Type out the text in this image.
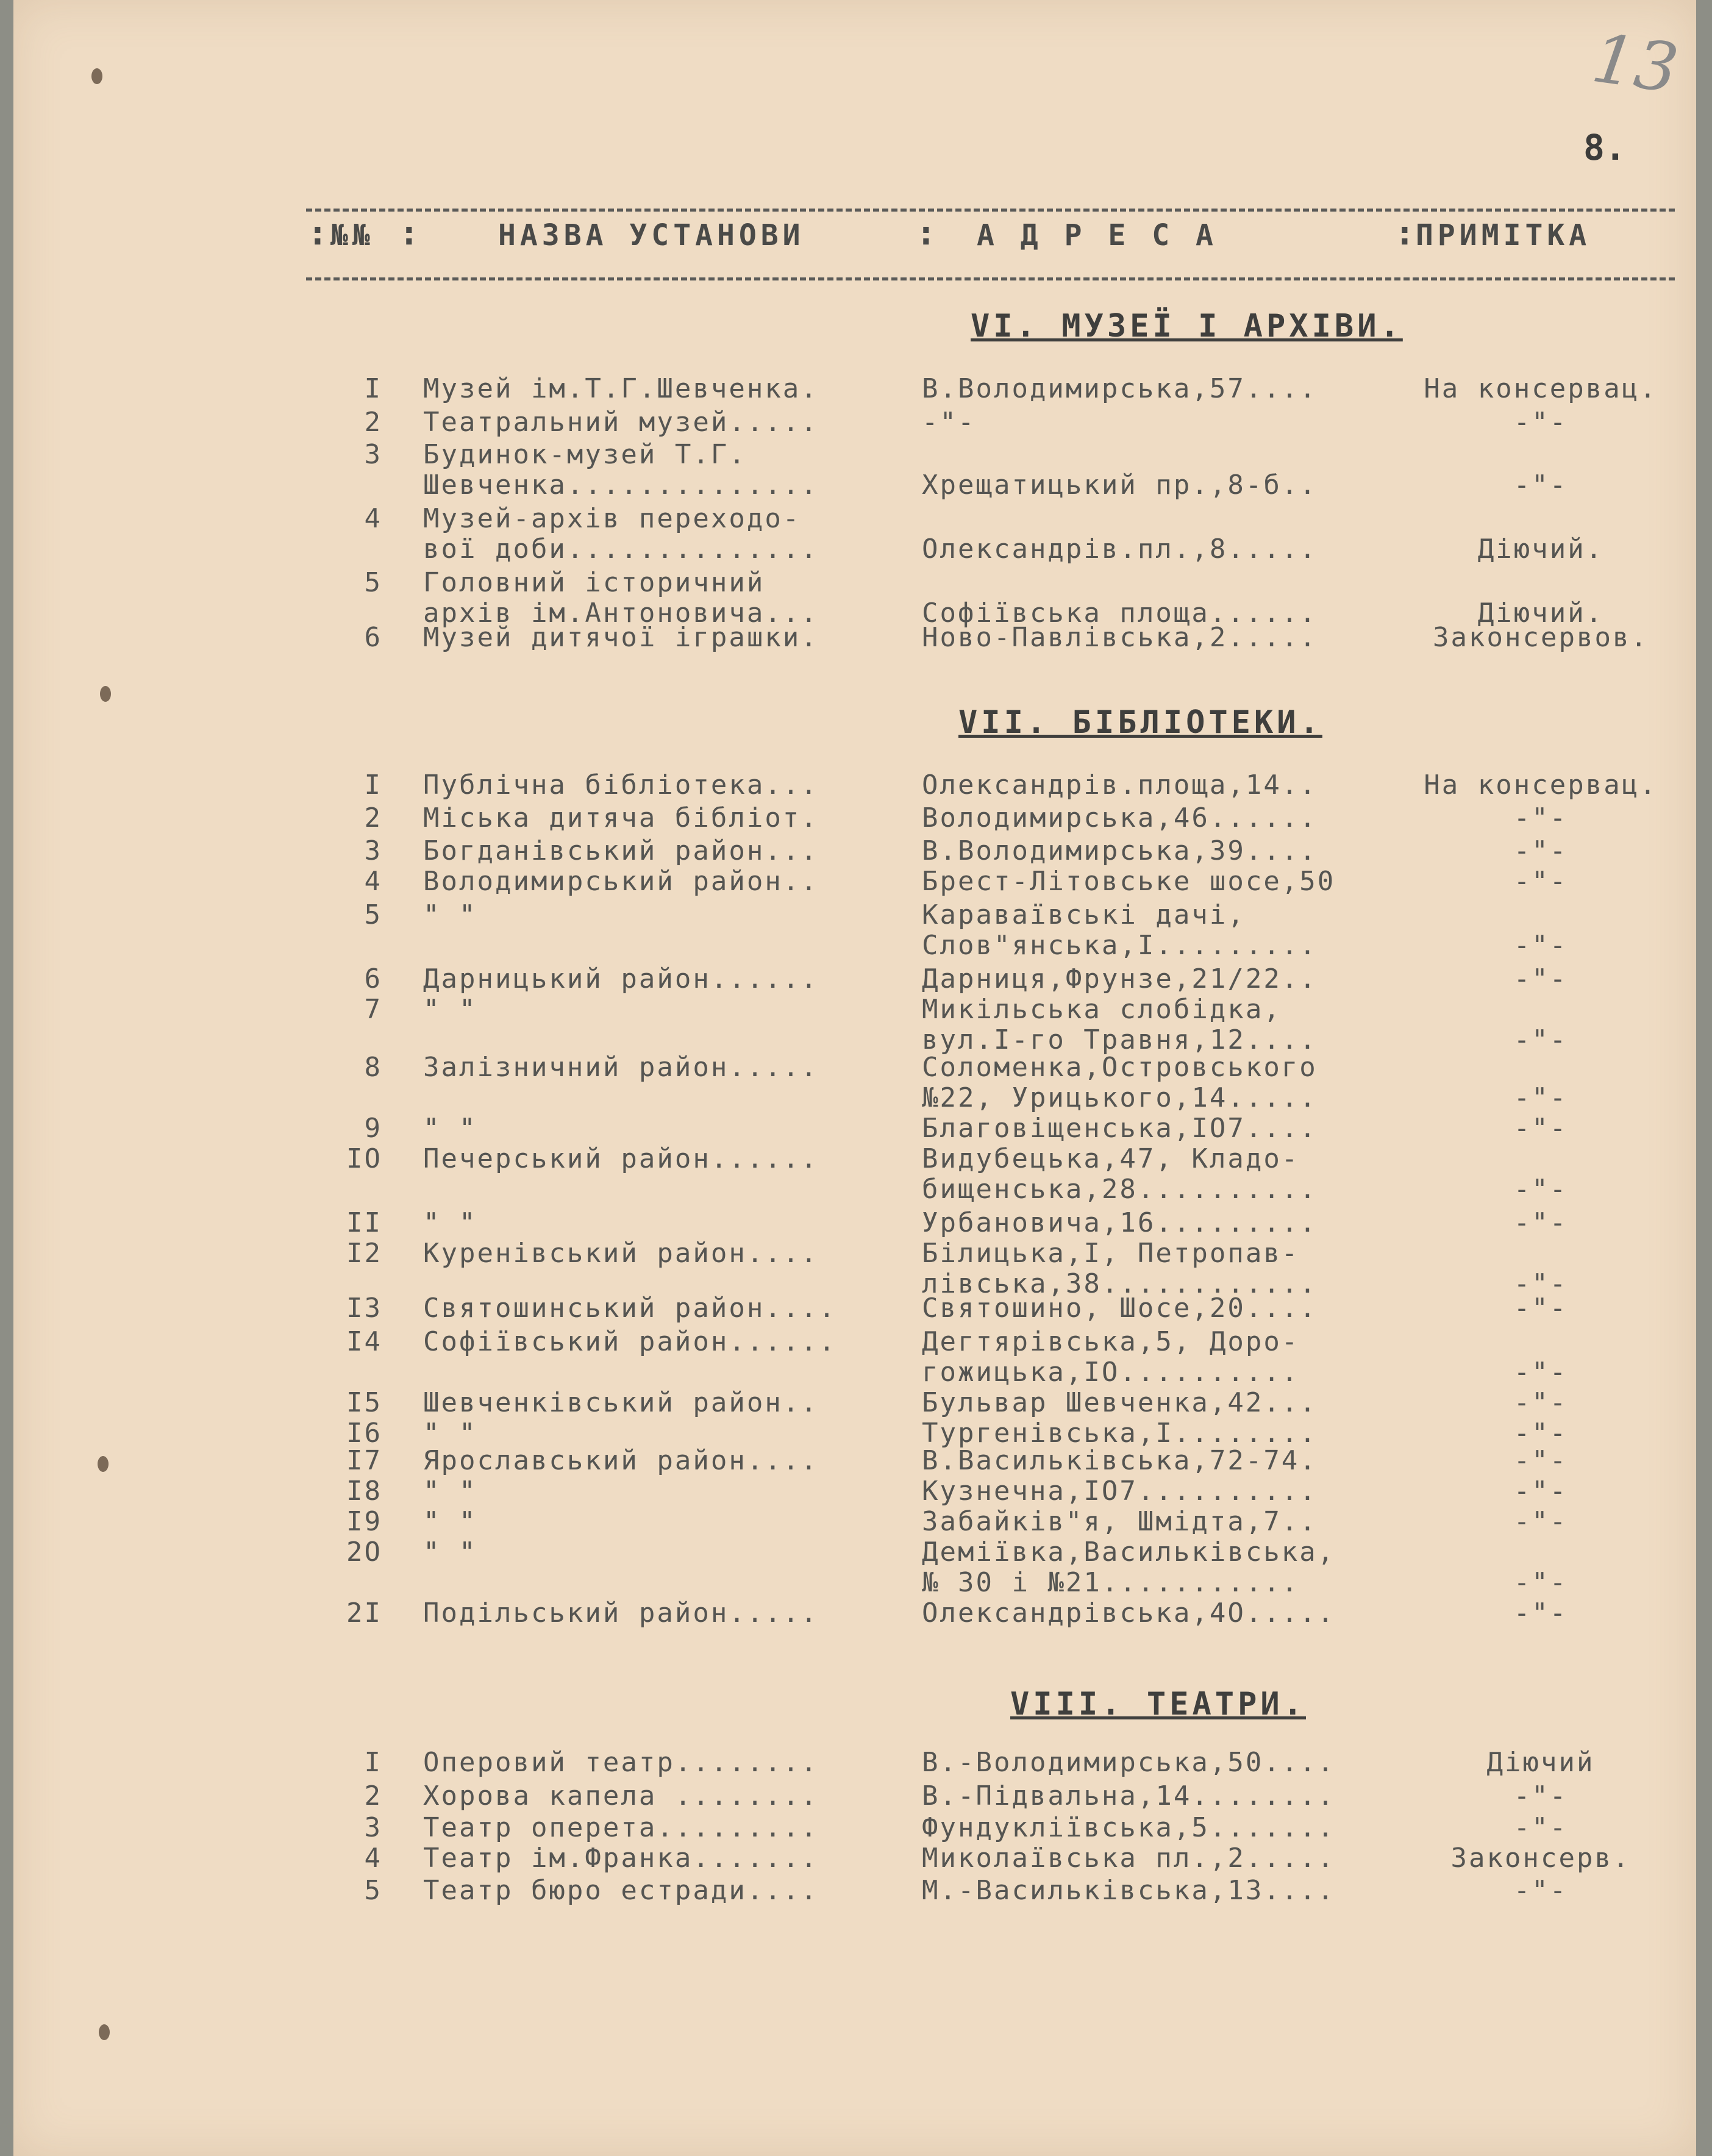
13
8.
: №№ :	НАЗВА УСТАНОВИ	: А Д Р Е С А	: ПРИМІТКА
VI. МУЗЕЇ І АРХІВИ.
I Музей ім.Т.Г.Шевченка.	В.Володимирська,57....	На консервац.
2 Театральний музей.....	-"-	-"-
3 Будинок-музей Т.Г.
Шевченка..............	Хрещатицький пр.,8-б..	-"-
4 Музей-архів переходо-
вої доби..............	Олександрів.пл.,8.....	Діючий.
5 Головний історичний
архів ім.Антоновича...	Софіївська площа......	Діючий.
6 Музей дитячої іграшки.	Ново-Павлівська,2.....	Законсервов.
VII. БІБЛІОТЕКИ.
I Публічна бібліотека...	Олександрів.площа,14..	На консервац.
2 Міська дитяча бібліот.	Володимирська,46......	-"-
3 Богданівський район...	В.Володимирська,39....	-"-
4 Володимирський район..	Брест-Літовське шосе,50	-"-
5 " "	Караваївські дачі,
Слов"янська,I.........	-"-
6 Дарницький район......	Дарниця,Фрунзе,21/22..	-"-
7 " "	Микільська слобідка,
вул.I-го Травня,12....	-"-
8 Залізничний район.....	Соломенка,Островського
№22, Урицького,14.....	-"-
9 " "	Благовіщенська,IO7....	-"-
IO Печерський район......	Видубецька,47, Кладо-
бищенська,28..........	-"-
II " "	Урбановича,16.........	-"-
I2 Куренівський район....	Білицька,I, Петропав-
лівська,38............	-"-
I3 Святошинський район....	Святошино, Шосе,20....	-"-
I4 Софіївський район......	Дегтярівська,5, Доро-
гожицька,IO..........	-"-
I5 Шевченківський район..	Бульвар Шевченка,42...	-"-
I6 " "	Тургенівська,I........	-"-
I7 Ярославський район....	В.Васильківська,72-74.	-"-
I8 " "	Кузнечна,IO7..........	-"-
I9 " "	Забайків"я, Шмідта,7..	-"-
2O " "	Деміївка,Васильківська,
№ 30 і №21...........	-"-
2I Подільський район.....	Олександрівська,4O.....	-"-
VIII. ТЕАТРИ.
I Оперовий театр........	В.-Володимирська,50....	Діючий
2 Хорова капела ........	В.-Підвальна,14........	-"-
3 Театр оперета.........	Фундукліївська,5.......	-"-
4 Театр ім.Франка.......	Миколаївська пл.,2.....	Законсерв.
5 Театр бюро естради....	М.-Васильківська,13....	-"-
